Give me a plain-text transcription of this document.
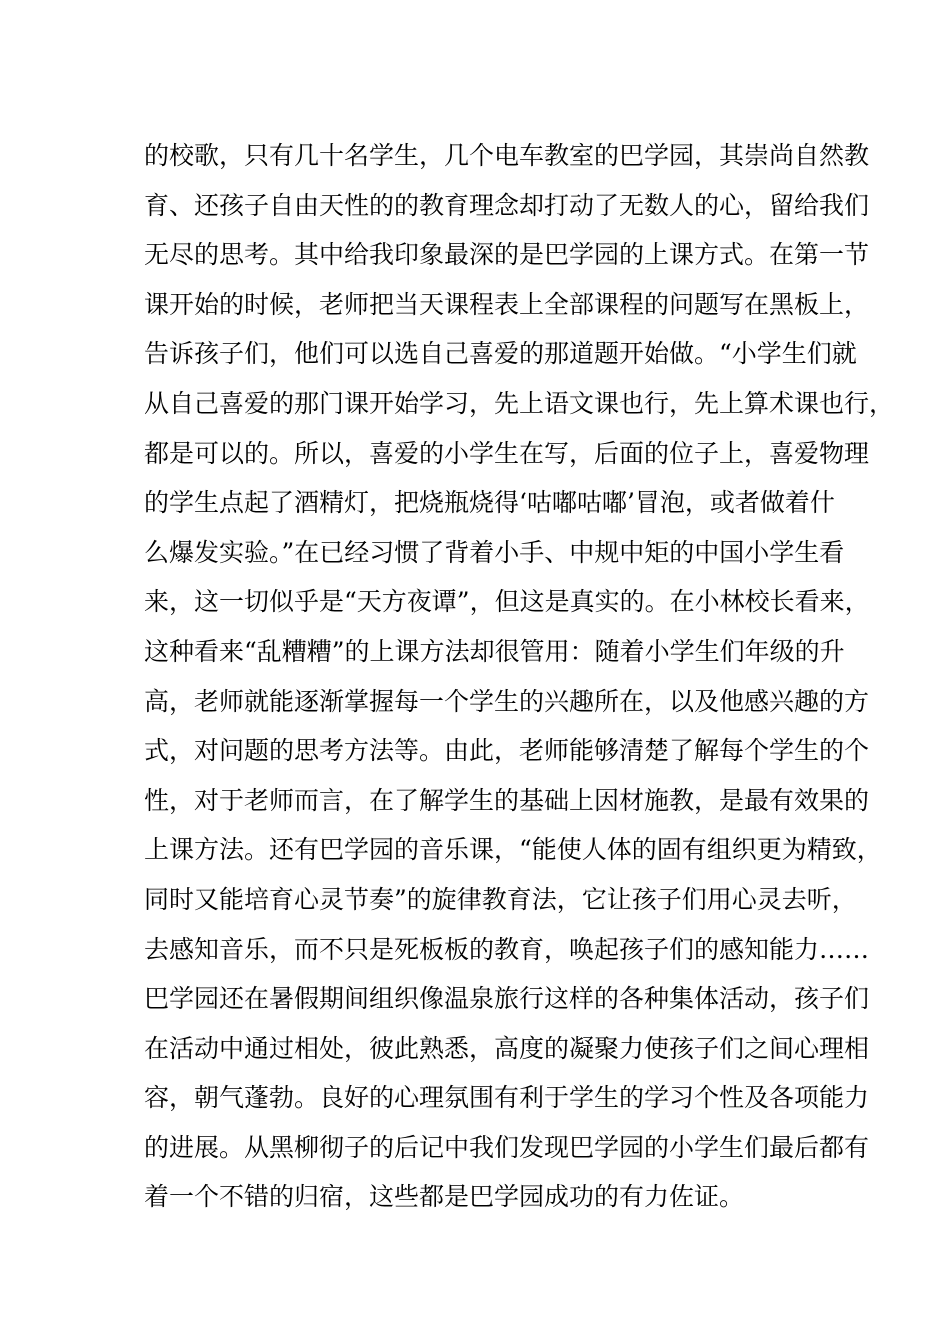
的校歌，只有几十名学生，几个电车教室的巴学园，其崇尚自然教
育、还孩子自由天性的的教育理念却打动了无数人的心，留给我们
无尽的思考。其中给我印象最深的是巴学园的上课方式。在第一节
课开始的时候，老师把当天课程表上全部课程的问题写在黑板上，
告诉孩子们，他们可以选自己喜爱的那道题开始做。“小学生们就
从自己喜爱的那门课开始学习，先上语文课也行，先上算术课也行，
都是可以的。所以，喜爱的小学生在写，后面的位子上，喜爱物理
的学生点起了酒精灯，把烧瓶烧得‘咕嘟咕嘟’冒泡，或者做着什
么爆发实验。”在已经习惯了背着小手、中规中矩的中国小学生看
来，这一切似乎是“天方夜谭”，但这是真实的。在小林校长看来，
这种看来“乱糟糟”的上课方法却很管用：随着小学生们年级的升
高，老师就能逐渐掌握每一个学生的兴趣所在，以及他感兴趣的方
式，对问题的思考方法等。由此，老师能够清楚了解每个学生的个
性，对于老师而言，在了解学生的基础上因材施教，是最有效果的
上课方法。还有巴学园的音乐课，“能使人体的固有组织更为精致，
同时又能培育心灵节奏”的旋律教育法，它让孩子们用心灵去听，
去感知音乐，而不只是死板板的教育，唤起孩子们的感知能力……
巴学园还在暑假期间组织像温泉旅行这样的各种集体活动，孩子们
在活动中通过相处，彼此熟悉，高度的凝聚力使孩子们之间心理相
容，朝气蓬勃。良好的心理氛围有利于学生的学习个性及各项能力
的进展。从黑柳彻子的后记中我们发现巴学园的小学生们最后都有
着一个不错的归宿，这些都是巴学园成功的有力佐证。
